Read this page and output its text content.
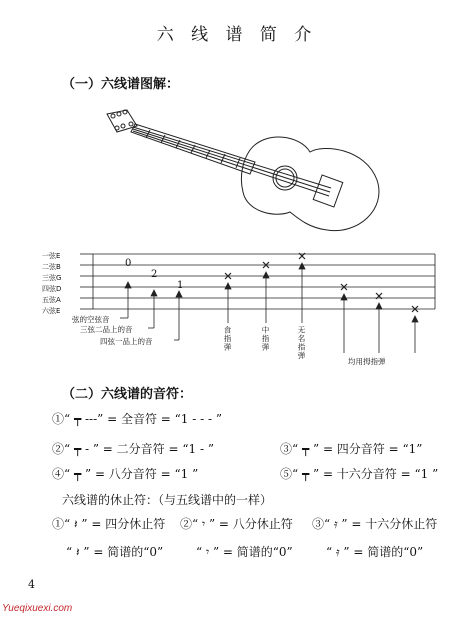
六 线 谱 简 介
（一）六线谱图解：
一弦E
二弦B
三弦G
四弦D
五弦A
六弦E
0
2
1
弦的空弦音
三弦二品上的音
四弦一品上的音	食指弹	中指弹	无名指弹
均用拇指弹
（二）六线谱的音符：
①“ ┯ ---” = 全音符 = “1 - - - ”
②“ ┯ - ” = 二分音符 = “1 - ”	③“ ┯ ” = 四分音符 = “1”
④“ ┯ ” = 八分音符 = “1 ”	⑤“ ┯ ” = 十六分音符 = “1 ”
六线谱的休止符：（与五线谱中的一样）
①“ 𝄽 ” = 四分休止符 ②“ 𝄾 ” = 八分休止符 ③“ 𝄿 ” = 十六分休止符
“ 𝄽 ” = 简谱的“0”	“ 𝄾 ” = 简谱的“0”	“ 𝄿 ” = 简谱的“0”
4
Yueqixuexi.com
